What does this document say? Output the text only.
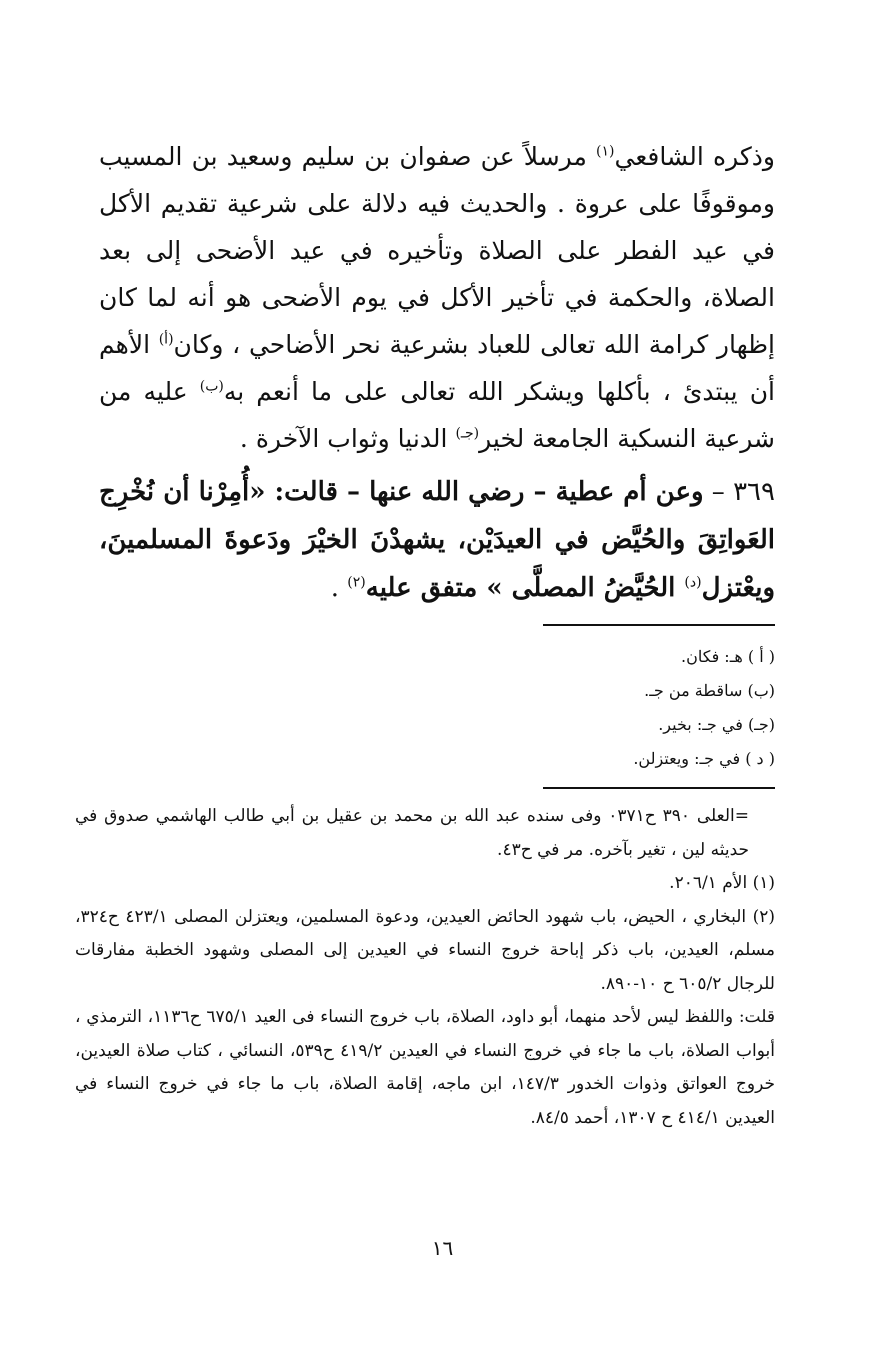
وذكره الشافعي$^{(١)}$ مرسلاً عن صفوان بن سليم وسعيد بن المسيب وموقوفًا على عروة . والحديث فيه دلالة على شرعية تقديم الأكل في عيد الفطر على الصلاة وتأخيره في عيد الأضحى إلى بعد الصلاة، والحكمة في تأخير الأكل في يوم الأضحى هو أنه لما كان إظهار كرامة الله تعالى للعباد بشرعية نحر الأضاحي ، وكان$^{(أ)}$ الأهم أن يبتدئ ، بأكلها ويشكر الله تعالى على ما أنعم به$^{(ب)}$ عليه من شرعية النسكية الجامعة لخير$^{(جـ)}$ الدنيا وثواب الآخرة .

٣٦٩ – وعن أم عطية – رضي الله عنها – قالت: «أُمِرْنا أن نُخْرِج العَواتِقَ والحُيَّض في العيدَيْن، يشهدْنَ الخيْرَ ودَعوةَ المسلمينَ، ويعْتزل$^{(د)}$ الحُيَّضُ المصلَّى » متفق عليه$^{(٢)}$ .

( أ ) هـ: فكان.
(ب) ساقطة من جـ.
(جـ) في جـ: بخير.
( د ) في جـ: ويعتزلن.

=العلى ٣٩٠ ح٠٣٧١ وفى سنده عبد الله بن محمد بن عقيل بن أبي طالب الهاشمي صدوق في حديثه لين ، تغير بآخره. مر في ح٤٣.

(١) الأم ٢٠٦/١.

(٢) البخاري ، الحيض، باب شهود الحائض العيدين، ودعوة المسلمين، ويعتزلن المصلى ٤٢٣/١ ح٣٢٤، مسلم، العيدين، باب ذكر إباحة خروج النساء في العيدين إلى المصلى وشهود الخطبة مفارقات للرجال ٦٠٥/٢ ح ١٠-٨٩٠.

قلت: واللفظ ليس لأحد منهما، أبو داود، الصلاة، باب خروج النساء فى العيد ٦٧٥/١ ح١١٣٦، الترمذي ، أبواب الصلاة، باب ما جاء في خروج النساء في العيدين ٤١٩/٢ ح٥٣٩، النسائي ، كتاب صلاة العيدين، خروج العواتق وذوات الخدور ١٤٧/٣، ابن ماجه، إقامة الصلاة، باب ما جاء في خروج النساء في العيدين ٤١٤/١ ح ١٣٠٧، أحمد ٨٤/٥.

١٦
